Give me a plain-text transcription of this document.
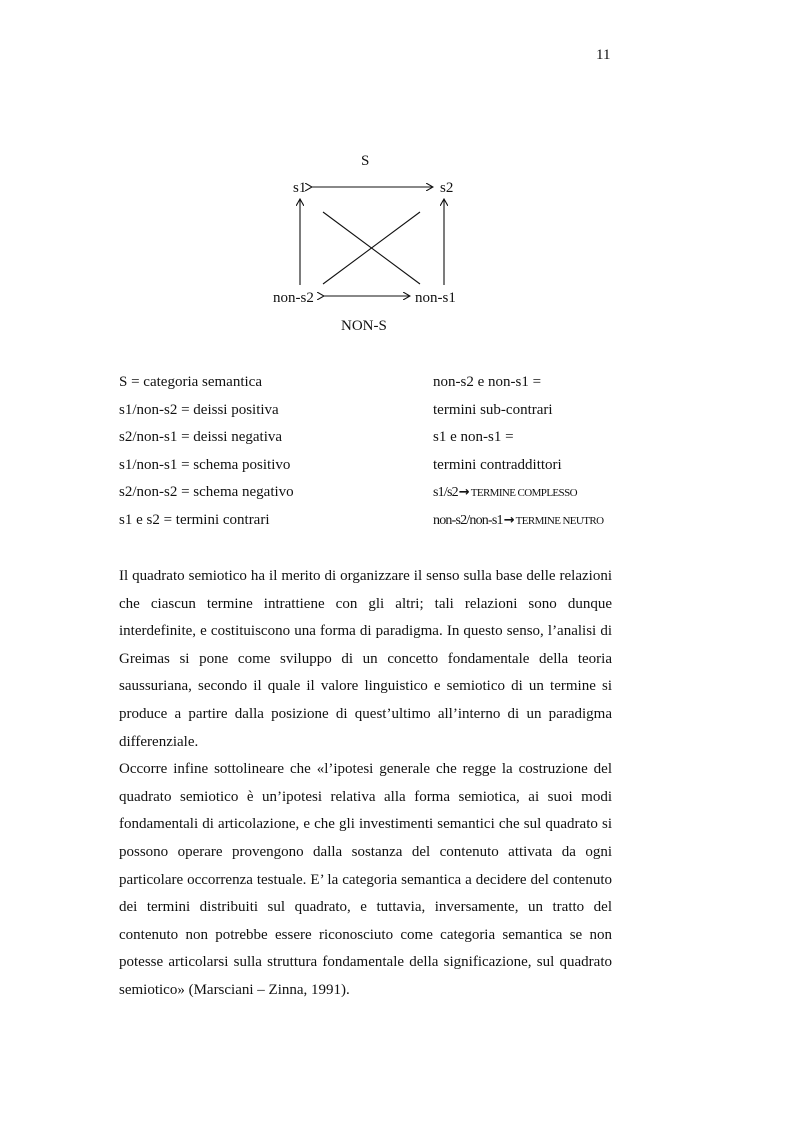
11
S
s1	s2
non-s2	non-s1
NON-S
S = categoria semantica	non-s2 e non-s1 =
s1/non-s2 = deissi positiva	termini sub-contrari
s2/non-s1 = deissi negativa	s1 e non-s1 =
s1/non-s1 = schema positivo	termini contraddittori
s2/non-s2 = schema negativo	s1/s2→TERMINE COMPLESSO
s1 e s2 = termini contrari	non-s2/non-s1→TERMINE NEUTRO

Il quadrato semiotico ha il merito di organizzare il senso sulla base delle relazioni che ciascun termine intrattiene con gli altri; tali relazioni sono dunque interdefinite, e costituiscono una forma di paradigma. In questo senso, l’analisi di Greimas si pone come sviluppo di un concetto fondamentale della teoria saussuriana, secondo il quale il valore linguistico e semiotico di un termine si produce a partire dalla posizione di quest’ultimo all’interno di un paradigma differenziale.

Occorre infine sottolineare che «l’ipotesi generale che regge la costruzione del quadrato semiotico è un’ipotesi relativa alla forma semiotica, ai suoi modi fondamentali di articolazione, e che gli investimenti semantici che sul quadrato si possono operare provengono dalla sostanza del contenuto attivata da ogni particolare occorrenza testuale. E’ la categoria semantica a decidere del contenuto dei termini distribuiti sul quadrato, e tuttavia, inversamente, un tratto del contenuto non potrebbe essere riconosciuto come categoria semantica se non potesse articolarsi sulla struttura fondamentale della significazione, sul quadrato semiotico» (Marsciani – Zinna, 1991).
